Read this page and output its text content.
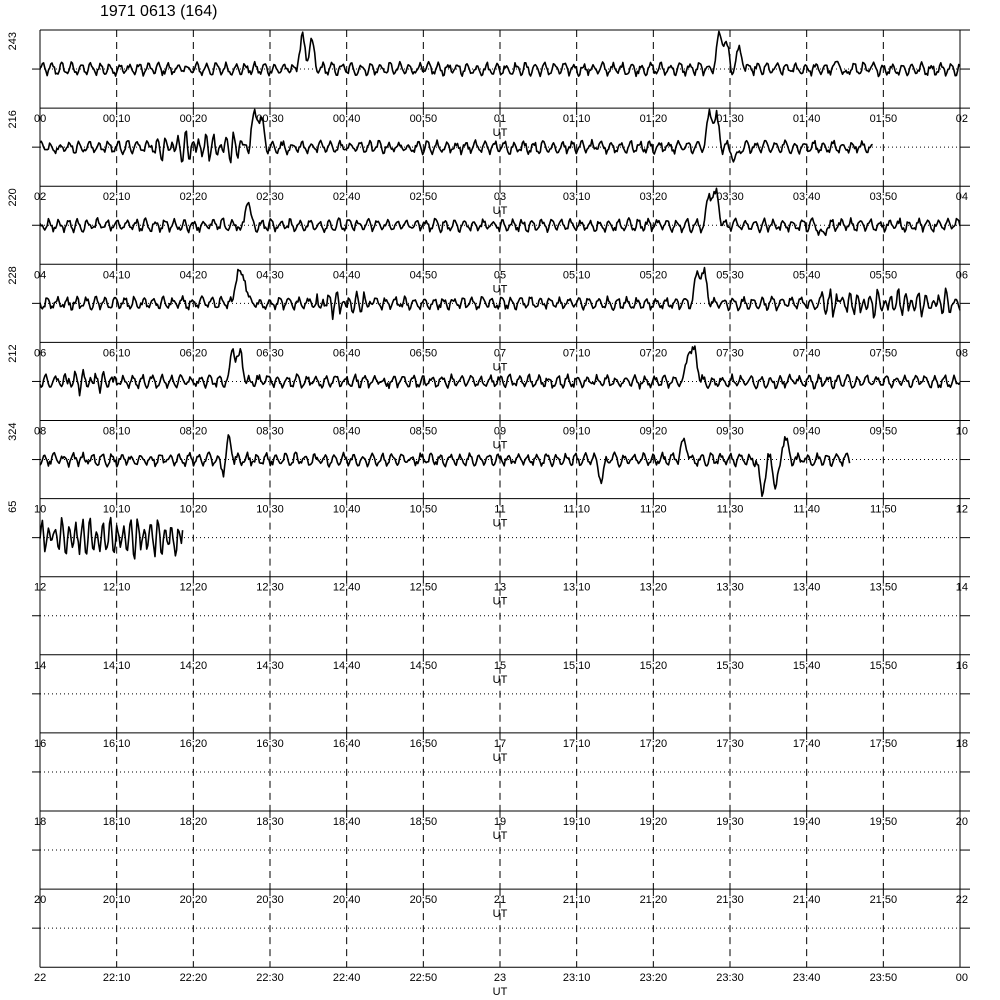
1971 0613 (164)
00	00:10	00:20	00:30	00:40	00:50	01	01:10	01:20	01:30	01:40	01:50	02
UT
243
02	02:10	02:20	02:30	02:40	02:50	03	03:10	03:20	03:30	03:40	03:50	04
UT
216
04	04:10	04:20	04:30	04:40	04:50	05	05:10	05:20	05:30	05:40	05:50	06
UT
220
06	06:10	06:20	06:30	06:40	06:50	07	07:10	07:20	07:30	07:40	07:50	08
UT
228
08	08:10	08:20	08:30	08:40	08:50	09	09:10	09:20	09:30	09:40	09:50	10
UT
212
10	10:10	10:20	10:30	10:40	10:50	11	11:10	11:20	11:30	11:40	11:50	12
UT
324
12	12:10	12:20	12:30	12:40	12:50	13	13:10	13:20	13:30	13:40	13:50	14
UT
65
14	14:10	14:20	14:30	14:40	14:50	15	15:10	15:20	15:30	15:40	15:50	16
UT
16	16:10	16:20	16:30	16:40	16:50	17	17:10	17:20	17:30	17:40	17:50	18
UT
18	18:10	18:20	18:30	18:40	18:50	19	19:10	19:20	19:30	19:40	19:50	20
UT
20	20:10	20:20	20:30	20:40	20:50	21	21:10	21:20	21:30	21:40	21:50	22
UT
22	22:10	22:20	22:30	22:40	22:50	23	23:10	23:20	23:30	23:40	23:50	00
UT
